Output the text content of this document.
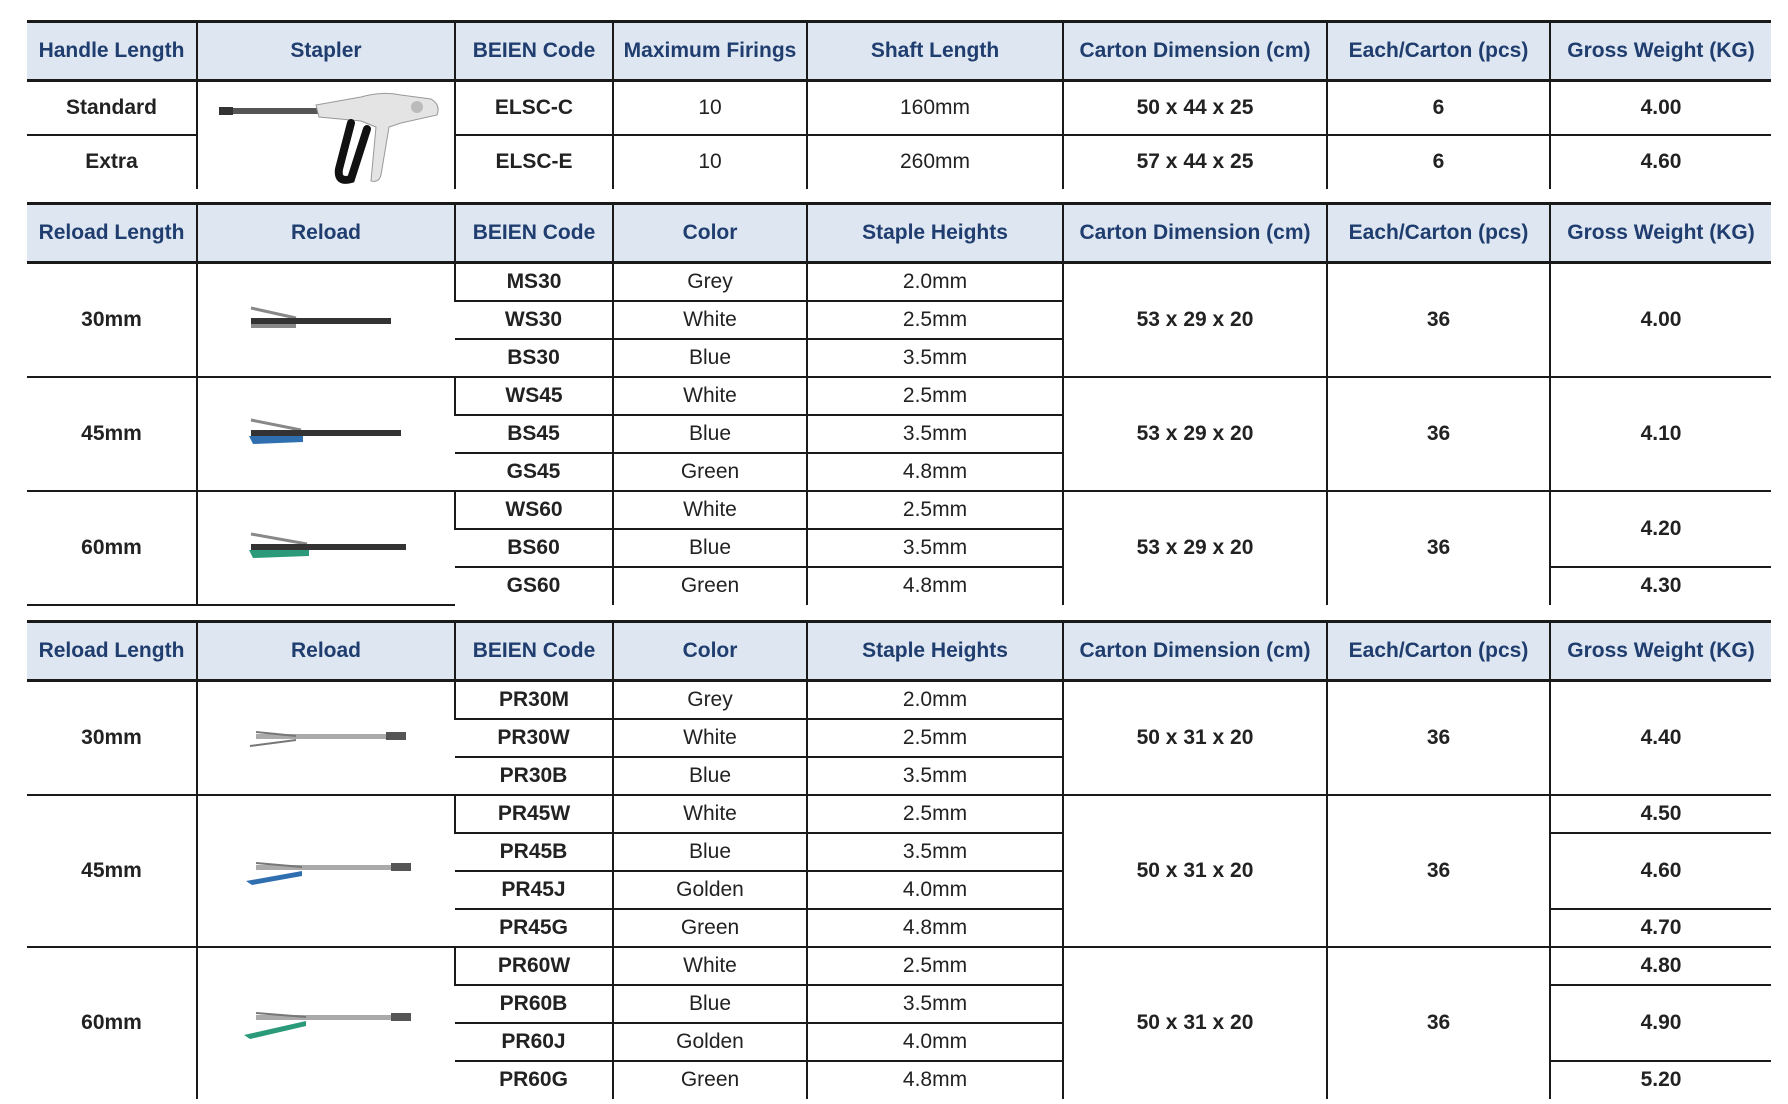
Handle Length	Stapler	BEIEN Code	Maximum Firings	Shaft Length	Carton Dimension (cm)	Each/Carton (pcs)	Gross Weight (KG)
Standard		ELSC-C	10	160mm	50 x 44 x 25	6	4.00
Extra		ELSC-E	10	260mm	57 x 44 x 25	6	4.60
Reload Length	Reload	BEIEN Code	Color	Staple Heights	Carton Dimension (cm)	Each/Carton (pcs)	Gross Weight (KG)
30mm		MS30	Grey	2.0mm	53 x 29 x 20	36	4.00
		WS30	White	2.5mm			
		BS30	Blue	3.5mm			
45mm		WS45	White	2.5mm	53 x 29 x 20	36	4.10
		BS45	Blue	3.5mm			
		GS45	Green	4.8mm			
60mm		WS60	White	2.5mm	53 x 29 x 20	36	4.20
		BS60	Blue	3.5mm			
		GS60	Green	4.8mm			4.30
Reload Length	Reload	BEIEN Code	Color	Staple Heights	Carton Dimension (cm)	Each/Carton (pcs)	Gross Weight (KG)
30mm		PR30M	Grey	2.0mm	50 x 31 x 20	36	4.40
		PR30W	White	2.5mm			
		PR30B	Blue	3.5mm			
45mm		PR45W	White	2.5mm	50 x 31 x 20	36	4.50
		PR45B	Blue	3.5mm			4.60
		PR45J	Golden	4.0mm			
		PR45G	Green	4.8mm			4.70
60mm		PR60W	White	2.5mm	50 x 31 x 20	36	4.80
		PR60B	Blue	3.5mm			4.90
		PR60J	Golden	4.0mm			
		PR60G	Green	4.8mm			5.20
